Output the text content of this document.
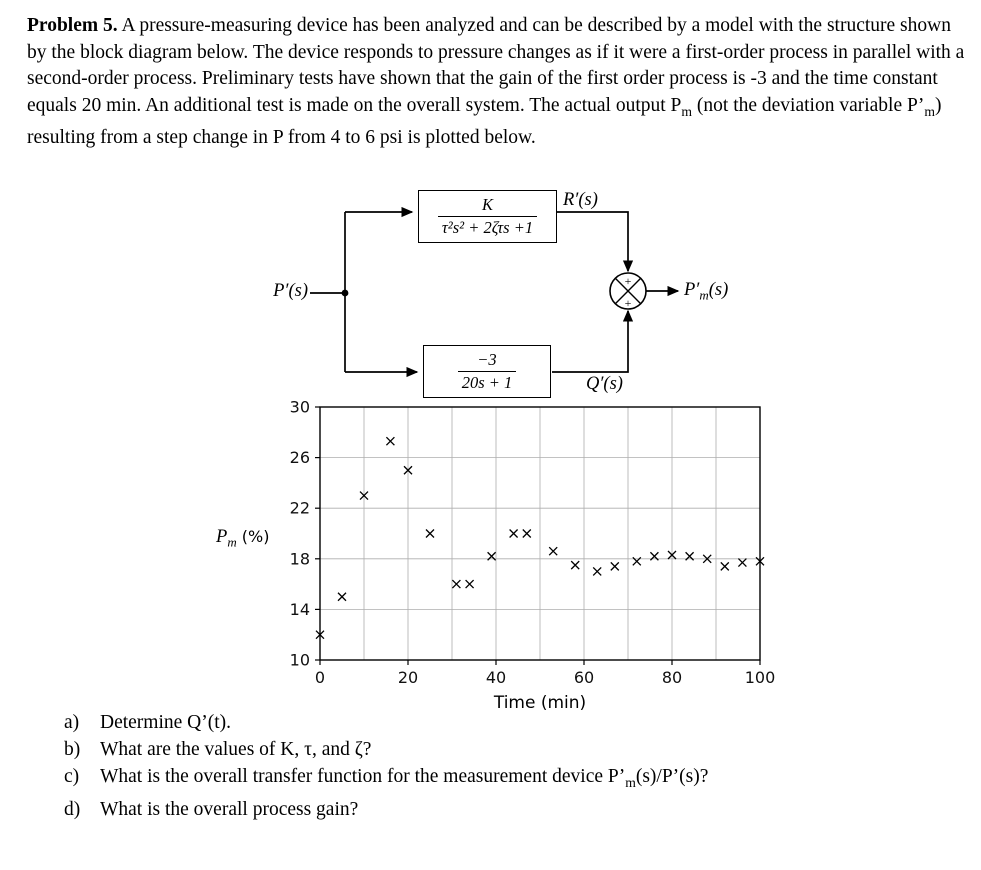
Problem 5. A pressure-measuring device has been analyzed and can be described by a model with the structure shown by the block diagram below. The device responds to pressure changes as if it were a first-order process in parallel with a second-order process. Preliminary tests have shown that the gain of the first order process is -3 and the time constant equals 20 min. An additional test is made on the overall system. The actual output $P_m$ (not the deviation variable $P’_m$) resulting from a step change in P from 4 to 6 psi is plotted below.

+
+
$\frac{K}{\text{τ²s² + 2ζτs +1}}$
$\frac{-3}{20s + 1}$
P′(s)
R′(s)
Q′(s)
$P'_m(s)$
0	20	40	60	80	100
10
14
18
22
26
30
$P_m$ (%)
Time (min)
a)	Determine Q’(t).
b)	What are the values of K, τ, and ζ?
c)	What is the overall transfer function for the measurement device $P’_m(s)/P’(s)$?
d)	What is the overall process gain?
